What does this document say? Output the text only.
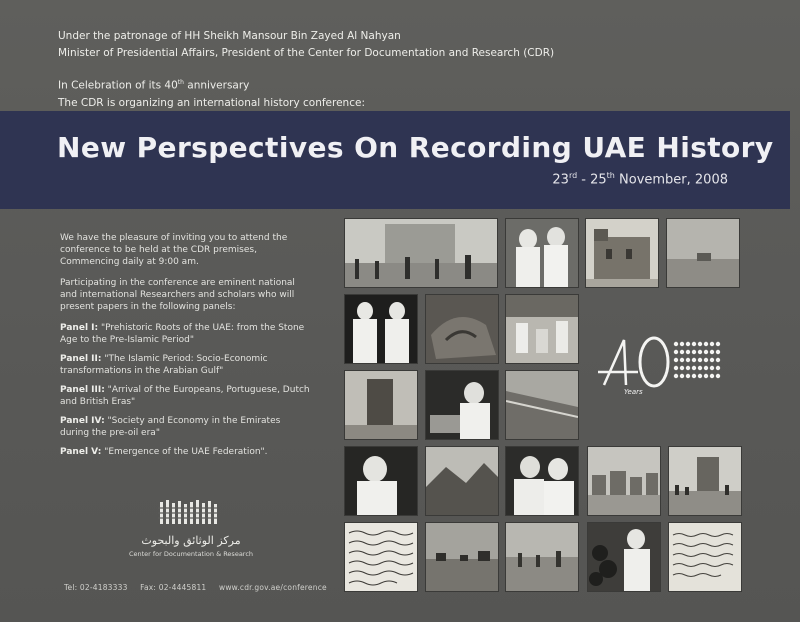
Under the patronage of HH Sheikh Mansour Bin Zayed Al Nahyan
Minister of Presidential Affairs, President of the Center for Documentation and Research (CDR)
In Celebration of its 40th anniversary
The CDR is organizing an international history conference:
New Perspectives On Recording UAE History
23rd - 25th November, 2008

We have the pleasure of inviting you to attend the conference to be held at the CDR premises, Commencing daily at 9:00 am.

Participating in the conference are eminent national and international Researchers and scholars who will present papers in the following panels:

Panel I: "Prehistoric Roots of the UAE: from the Stone Age to the Pre-Islamic Period"
Panel II: "The Islamic Period: Socio-Economic transformations in the Arabian Gulf"
Panel III: "Arrival of the Europeans, Portuguese, Dutch and British Eras"
Panel IV: "Society and Economy in the Emirates during the pre-oil era"
Panel V: "Emergence of the UAE Federation".
مركز الوثائق والبحوث
Center for Documentation & Research
Tel: 02-4183333 Fax: 02-4445811 www.cdr.gov.ae/conference
Years
